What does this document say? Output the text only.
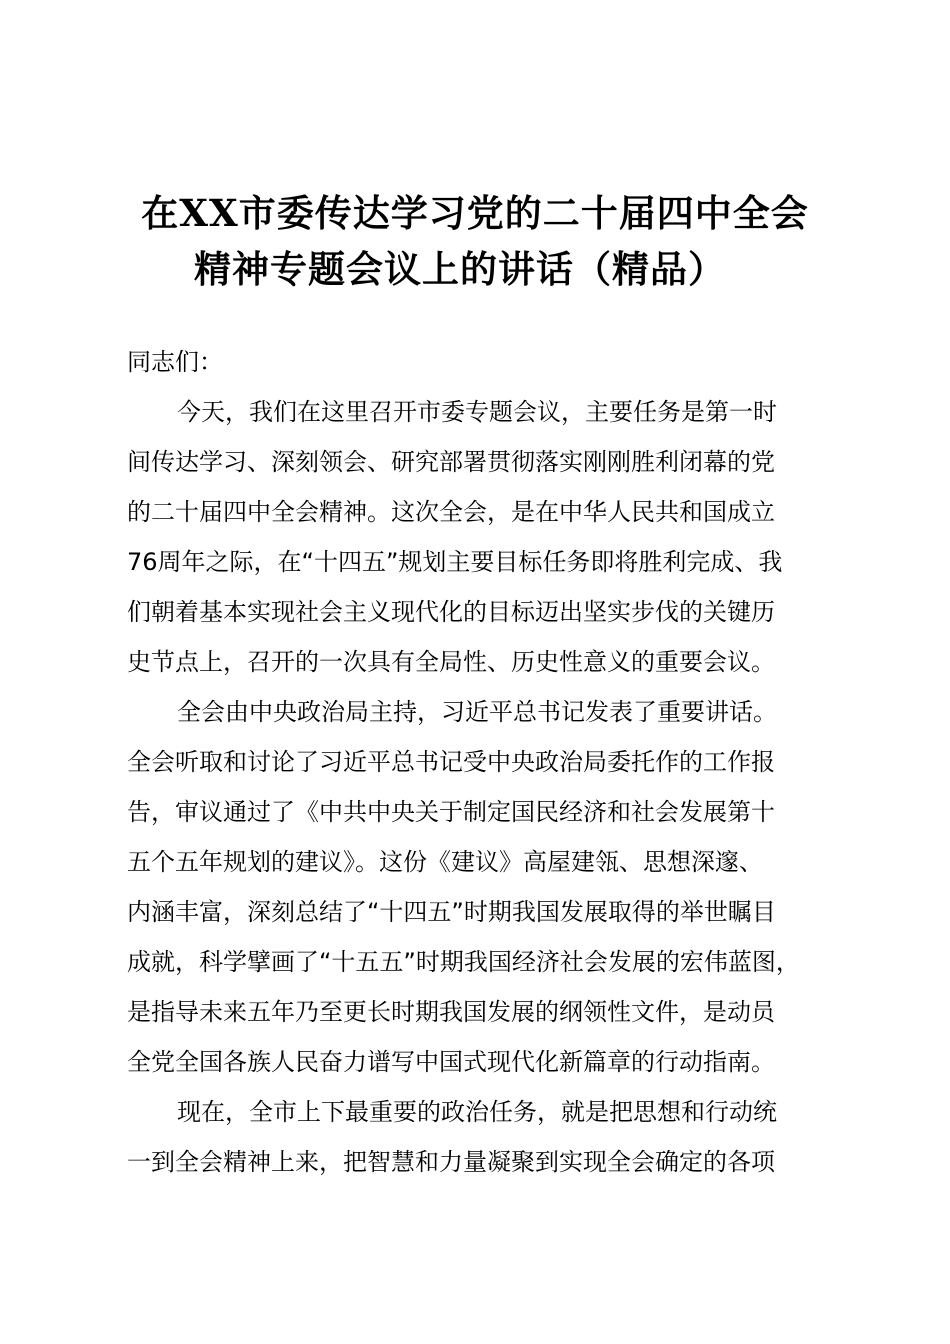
在XX市委传达学习党的二十届四中全会
精神专题会议上的讲话（精品）
同志们：
今天，我们在这里召开市委专题会议，主要任务是第一时
间传达学习、深刻领会、研究部署贯彻落实刚刚胜利闭幕的党
的二十届四中全会精神。这次全会，是在中华人民共和国成立
76周年之际，在“十四五”规划主要目标任务即将胜利完成、我
们朝着基本实现社会主义现代化的目标迈出坚实步伐的关键历
史节点上，召开的一次具有全局性、历史性意义的重要会议。
全会由中央政治局主持，习近平总书记发表了重要讲话。
全会听取和讨论了习近平总书记受中央政治局委托作的工作报
告，审议通过了《中共中央关于制定国民经济和社会发展第十
五个五年规划的建议》。这份《建议》高屋建瓴、思想深邃、
内涵丰富，深刻总结了“十四五”时期我国发展取得的举世瞩目
成就，科学擘画了“十五五”时期我国经济社会发展的宏伟蓝图，
是指导未来五年乃至更长时期我国发展的纲领性文件，是动员
全党全国各族人民奋力谱写中国式现代化新篇章的行动指南。
现在，全市上下最重要的政治任务，就是把思想和行动统
一到全会精神上来，把智慧和力量凝聚到实现全会确定的各项
